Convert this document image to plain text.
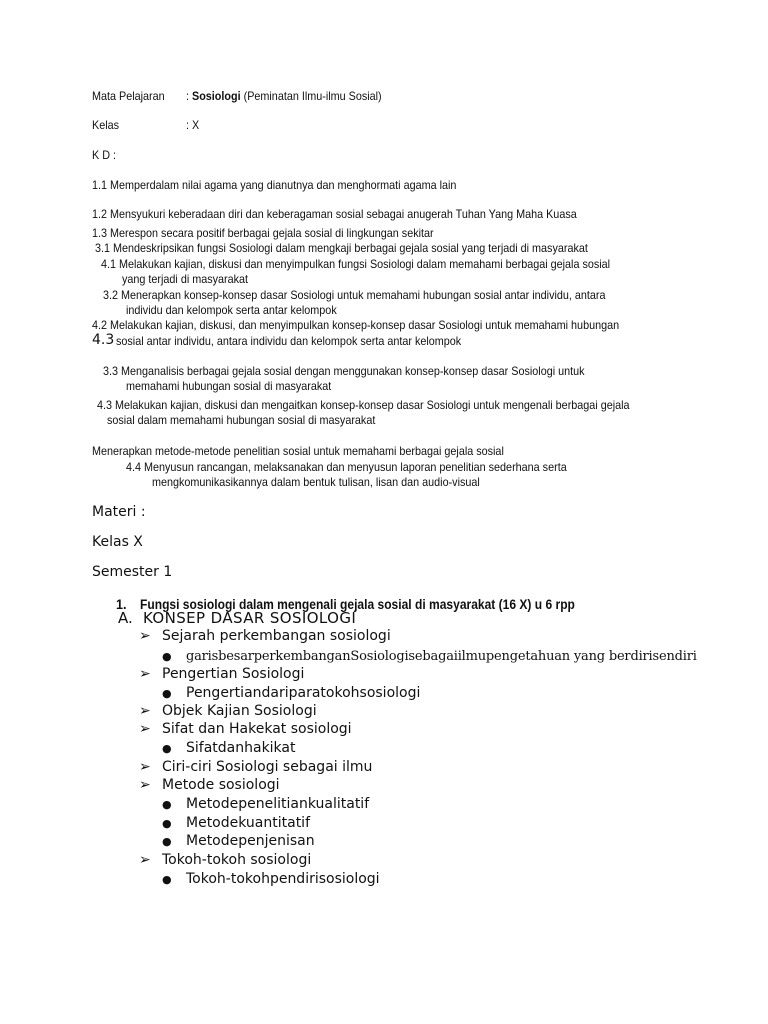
Mata Pelajaran : Sosiologi (Peminatan Ilmu-ilmu Sosial)
Kelas	: X
K D :
1.1 Memperdalam nilai agama yang dianutnya dan menghormati agama lain
1.2 Mensyukuri keberadaan diri dan keberagaman sosial sebagai anugerah Tuhan Yang Maha Kuasa
1.3 Merespon secara positif berbagai gejala sosial di lingkungan sekitar
3.1 Mendeskripsikan fungsi Sosiologi dalam mengkaji berbagai gejala sosial yang terjadi di masyarakat
4.1 Melakukan kajian, diskusi dan menyimpulkan fungsi Sosiologi dalam memahami berbagai gejala sosial
yang terjadi di masyarakat
3.2 Menerapkan konsep-konsep dasar Sosiologi untuk memahami hubungan sosial antar individu, antara
individu dan kelompok serta antar kelompok
4.2 Melakukan kajian, diskusi, dan menyimpulkan konsep-konsep dasar Sosiologi untuk memahami hubungan
4.3 sosial antar individu, antara individu dan kelompok serta antar kelompok
3.3 Menganalisis berbagai gejala sosial dengan menggunakan konsep-konsep dasar Sosiologi untuk
memahami hubungan sosial di masyarakat
4.3 Melakukan kajian, diskusi dan mengaitkan konsep-konsep dasar Sosiologi untuk mengenali berbagai gejala
sosial dalam memahami hubungan sosial di masyarakat
Menerapkan metode-metode penelitian sosial untuk memahami berbagai gejala sosial
4.4 Menyusun rancangan, melaksanakan dan menyusun laporan penelitian sederhana serta
mengkomunikasikannya dalam bentuk tulisan, lisan dan audio-visual
Materi :
Kelas X
Semester 1
1. Fungsi sosiologi dalam mengenali gejala sosial di masyarakat (16 X) u 6 rpp
A. KONSEP DASAR SOSIOLOGI
➢ Sejarah perkembangan sosiologi
● garisbesarperkembanganSosiologisebagaiilmupengetahuan yang berdirisendiri
➢ Pengertian Sosiologi
● Pengertiandariparatokohsosiologi
➢ Objek Kajian Sosiologi
➢ Sifat dan Hakekat sosiologi
● Sifatdanhakikat
➢ Ciri-ciri Sosiologi sebagai ilmu
➢ Metode sosiologi
● Metodepenelitiankualitatif
● Metodekuantitatif
● Metodepenjenisan
➢ Tokoh-tokoh sosiologi
● Tokoh-tokohpendirisosiologi
